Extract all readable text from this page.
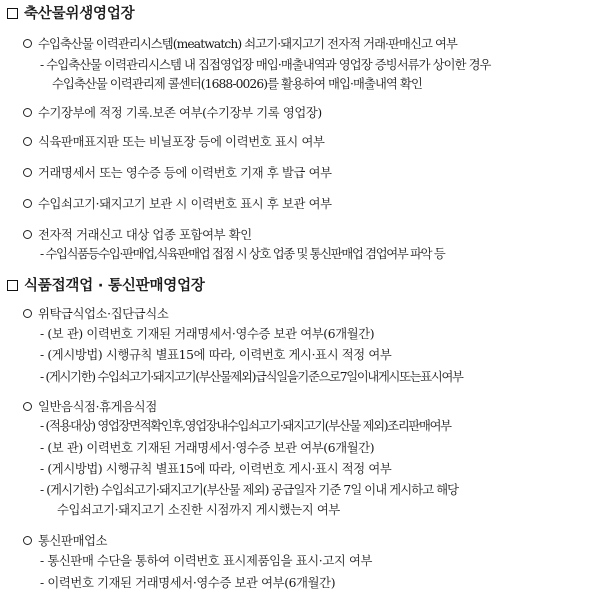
축산물위생영업장
수입축산물 이력관리시스템(meatwatch) 쇠고기·돼지고기 전자적 거래·판매신고 여부
- 수입축산물 이력관리시스템 내 집접영업장 매입·매출내역과 영업장 증빙서류가 상이한 경우
수입축산물 이력관리제 콜센터(1688-0026)를 활용하여 매입·매출내역 확인
수기장부에 적정 기록.보존 여부(수기장부 기록 영업장)
식육판매표지판 또는 비닐포장 등에 이력번호 표시 여부
거래명세서 또는 영수증 등에 이력번호 기재 후 발급 여부
수입쇠고기·돼지고기 보관 시 이력번호 표시 후 보관 여부
전자적 거래신고 대상 업종 포함여부 확인
- 수입식품등수입·판매업,식육판매업 접점 시 상호 업종 및 통신판매업 겸업여부 파악 등
식품접객업 · 통신판매영업장
위탁급식업소·집단급식소
- (보 관) 이력번호 기재된 거래명세서·영수증 보관 여부(6개월간)
- (게시방법) 시행규칙 별표15에 따라, 이력번호 게시·표시 적정 여부
- (게시기한) 수입쇠고기·돼지고기(부산물제외)급식일을기준으로7일이내게시또는표시여부
일반음식점·휴게음식점
- (적용대상) 영업장면적확인후,영업장내수입쇠고기·돼지고기(부산물 제외)조리판매여부
- (보 관) 이력번호 기재된 거래명세서·영수증 보관 여부(6개월간)
- (게시방법) 시행규칙 별표15에 따라, 이력번호 게시·표시 적정 여부
- (게시기한) 수입쇠고기·돼지고기(부산물 제외) 공급일자 기준 7일 이내 게시하고 해당
수입쇠고기·돼지고기 소진한 시점까지 게시했는지 여부
통신판매업소
- 통신판매 수단을 통하여 이력번호 표시제품임을 표시·고지 여부
- 이력번호 기재된 거래명세서·영수증 보관 여부(6개월간)
